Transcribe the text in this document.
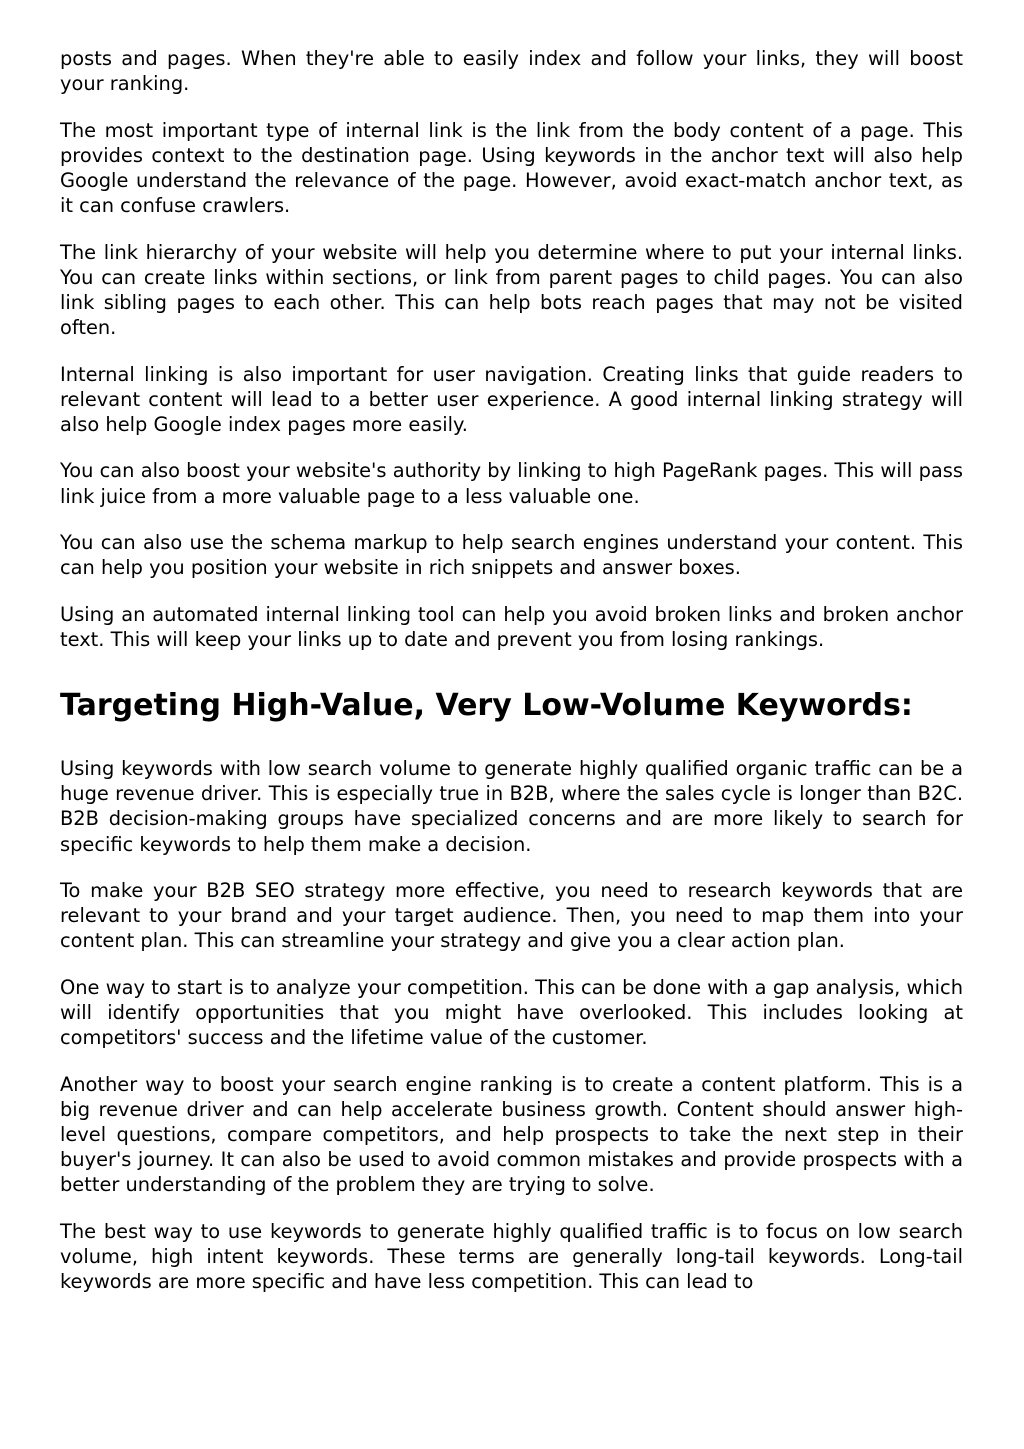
posts and pages. When they're able to easily index and follow your links, they will boost your ranking.

The most important type of internal link is the link from the body content of a page. This provides context to the destination page. Using keywords in the anchor text will also help Google understand the relevance of the page. However, avoid exact-match anchor text, as it can confuse crawlers.

The link hierarchy of your website will help you determine where to put your internal links. You can create links within sections, or link from parent pages to child pages. You can also link sibling pages to each other. This can help bots reach pages that may not be visited often.

Internal linking is also important for user navigation. Creating links that guide readers to relevant content will lead to a better user experience. A good internal linking strategy will also help Google index pages more easily.

You can also boost your website's authority by linking to high PageRank pages. This will pass link juice from a more valuable page to a less valuable one.

You can also use the schema markup to help search engines understand your content. This can help you position your website in rich snippets and answer boxes.

Using an automated internal linking tool can help you avoid broken links and broken anchor text. This will keep your links up to date and prevent you from losing rankings.

Targeting High-Value, Very Low-Volume Keywords:

Using keywords with low search volume to generate highly qualified organic traffic can be a huge revenue driver. This is especially true in B2B, where the sales cycle is longer than B2C. B2B decision-making groups have specialized concerns and are more likely to search for specific keywords to help them make a decision.

To make your B2B SEO strategy more effective, you need to research keywords that are relevant to your brand and your target audience. Then, you need to map them into your content plan. This can streamline your strategy and give you a clear action plan.

One way to start is to analyze your competition. This can be done with a gap analysis, which will identify opportunities that you might have overlooked. This includes looking at competitors' success and the lifetime value of the customer.

Another way to boost your search engine ranking is to create a content platform. This is a big revenue driver and can help accelerate business growth. Content should answer high-level questions, compare competitors, and help prospects to take the next step in their buyer's journey. It can also be used to avoid common mistakes and provide prospects with a better understanding of the problem they are trying to solve.

The best way to use keywords to generate highly qualified traffic is to focus on low search volume, high intent keywords. These terms are generally long-tail keywords. Long-tail keywords are more specific and have less competition. This can lead to
